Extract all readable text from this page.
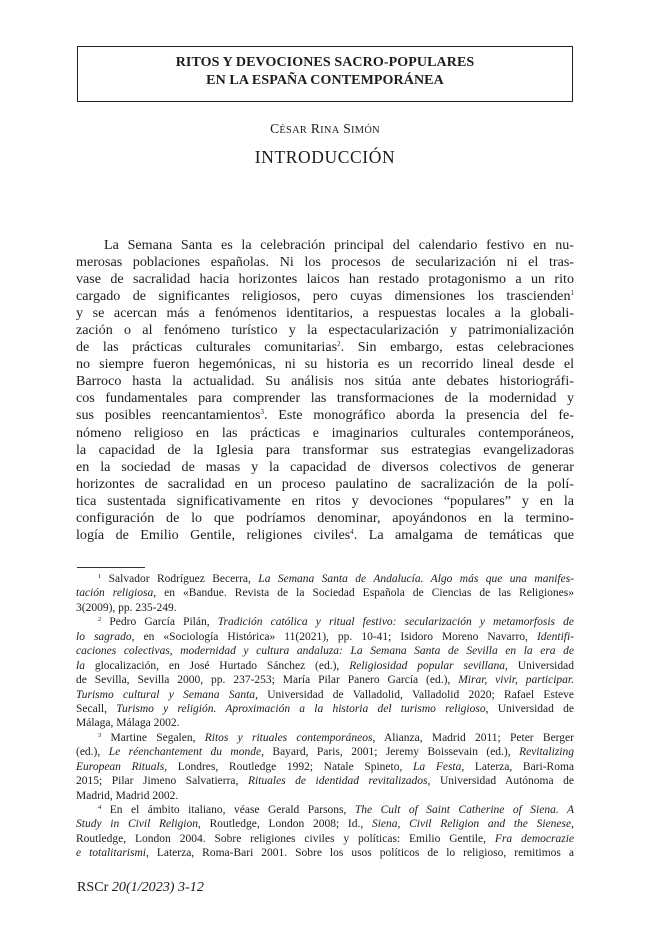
RITOS Y DEVOCIONES SACRO-POPULARES
EN LA ESPAÑA CONTEMPORÁNEA
CÉSAR RINA SIMÓN
INTRODUCCIÓN
La Semana Santa es la celebración principal del calendario festivo en nu-
merosas poblaciones españolas. Ni los procesos de secularización ni el tras-
vase de sacralidad hacia horizontes laicos han restado protagonismo a un rito
cargado de significantes religiosos, pero cuyas dimensiones los trascienden$^1$
y se acercan más a fenómenos identitarios, a respuestas locales a la globali-
zación o al fenómeno turístico y la espectacularización y patrimonialización
de las prácticas culturales comunitarias$^2$. Sin embargo, estas celebraciones
no siempre fueron hegemónicas, ni su historia es un recorrido lineal desde el
Barroco hasta la actualidad. Su análisis nos sitúa ante debates historiográfi-
cos fundamentales para comprender las transformaciones de la modernidad y
sus posibles reencantamientos$^3$. Este monográfico aborda la presencia del fe-
nómeno religioso en las prácticas e imaginarios culturales contemporáneos,
la capacidad de la Iglesia para transformar sus estrategias evangelizadoras
en la sociedad de masas y la capacidad de diversos colectivos de generar
horizontes de sacralidad en un proceso paulatino de sacralización de la polí-
tica sustentada significativamente en ritos y devociones “populares” y en la
configuración de lo que podríamos denominar, apoyándonos en la termino-
logía de Emilio Gentile, religiones civiles$^4$. La amalgama de temáticas que
$^1$ Salvador Rodríguez Becerra, La Semana Santa de Andalucía. Algo más que una manifes-
tación religiosa, en «Bandue. Revista de la Sociedad Española de Ciencias de las Religiones»
3(2009), pp. 235-249.
$^2$ Pedro García Pilán, Tradición católica y ritual festivo: secularización y metamorfosis de
lo sagrado, en «Sociología Histórica» 11(2021), pp. 10-41; Isidoro Moreno Navarro, Identifi-
caciones colectivas, modernidad y cultura andaluza: La Semana Santa de Sevilla en la era de
la glocalización, en José Hurtado Sánchez (ed.), Religiosidad popular sevillana, Universidad
de Sevilla, Sevilla 2000, pp. 237-253; María Pilar Panero García (ed.), Mirar, vivir, participar.
Turismo cultural y Semana Santa, Universidad de Valladolid, Valladolid 2020; Rafael Esteve
Secall, Turismo y religión. Aproximación a la historia del turismo religioso, Universidad de
Málaga, Málaga 2002.
$^3$ Martine Segalen, Ritos y rituales contemporáneos, Alianza, Madrid 2011; Peter Berger
(ed.), Le réenchantement du monde, Bayard, Paris, 2001; Jeremy Boissevain (ed.), Revitalizing
European Rituals, Londres, Routledge 1992; Natale Spineto, La Festa, Laterza, Bari-Roma
2015; Pilar Jimeno Salvatierra, Rituales de identidad revitalizados, Universidad Autónoma de
Madrid, Madrid 2002.
$^4$ En el ámbito italiano, véase Gerald Parsons, The Cult of Saint Catherine of Siena. A
Study in Civil Religion, Routledge, London 2008; Id., Siena, Civil Religion and the Sienese,
Routledge, London 2004. Sobre religiones civiles y políticas: Emilio Gentile, Fra democrazie
e totalitarismi, Laterza, Roma-Bari 2001. Sobre los usos políticos de lo religioso, remitimos a
RSCr 20(1/2023) 3-12
